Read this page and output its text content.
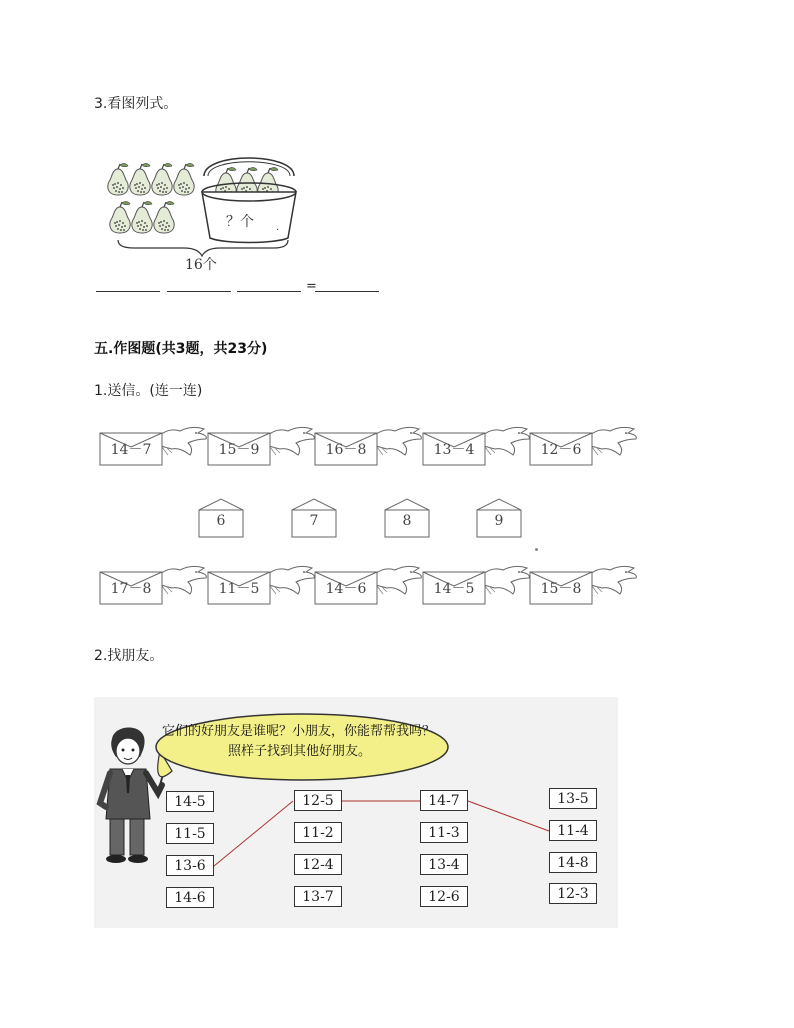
3.看图列式。
？个 .
16个
=
五.作图题(共3题，共23分)
1.送信。(连一连)
14－7	15－9	16－8	13－4	12－6
6	7	8	9
17－8	11－5	14－6	14－5	15－8
2.找朋友。
它们的好朋友是谁呢？小朋友，你能帮帮我吗？
照样子找到其他好朋友。
14-5
11-5
13-6
14-6
12-5
11-2
12-4
13-7
14-7
11-3
13-4
12-6
13-5
11-4
14-8
12-3
